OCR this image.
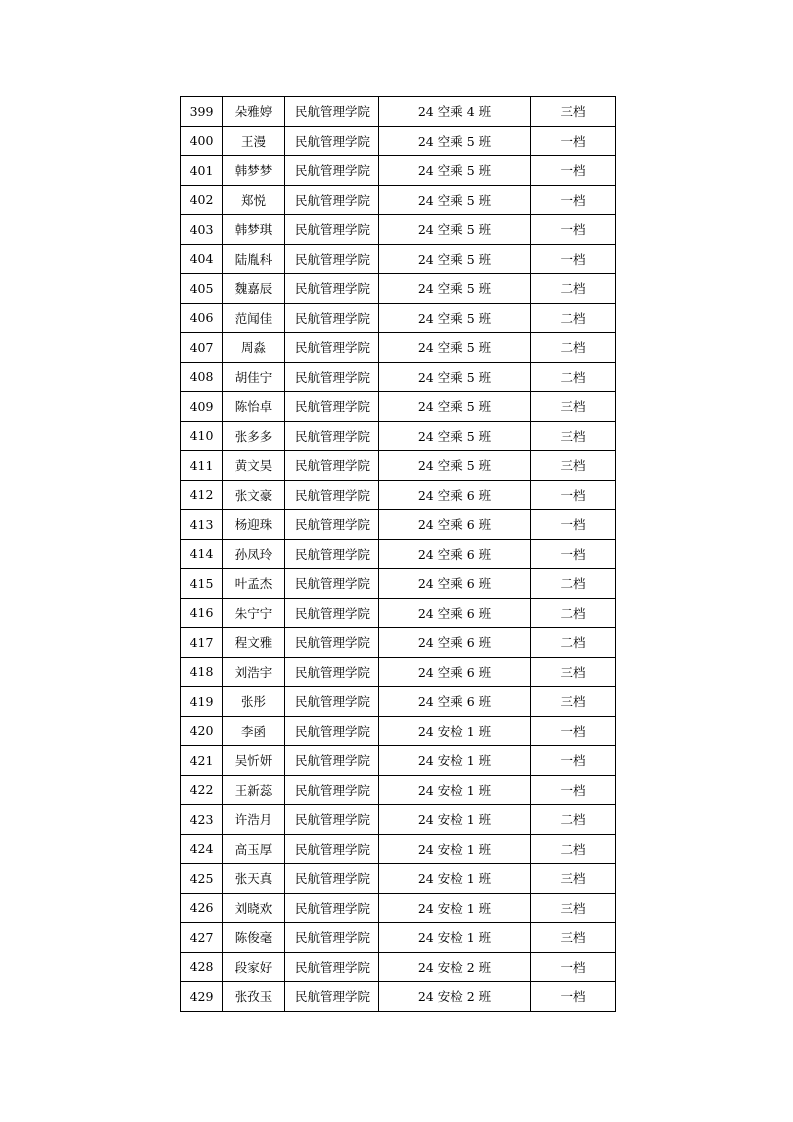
399	朵雅婷	民航管理学院	24 空乘 4 班	三档
400	王漫	民航管理学院	24 空乘 5 班	一档
401	韩梦梦	民航管理学院	24 空乘 5 班	一档
402	郑悦	民航管理学院	24 空乘 5 班	一档
403	韩梦琪	民航管理学院	24 空乘 5 班	一档
404	陆胤科	民航管理学院	24 空乘 5 班	一档
405	魏嘉辰	民航管理学院	24 空乘 5 班	二档
406	范闻佳	民航管理学院	24 空乘 5 班	二档
407	周淼	民航管理学院	24 空乘 5 班	二档
408	胡佳宁	民航管理学院	24 空乘 5 班	二档
409	陈怡卓	民航管理学院	24 空乘 5 班	三档
410	张多多	民航管理学院	24 空乘 5 班	三档
411	黄文昊	民航管理学院	24 空乘 5 班	三档
412	张文豪	民航管理学院	24 空乘 6 班	一档
413	杨迎珠	民航管理学院	24 空乘 6 班	一档
414	孙凤玲	民航管理学院	24 空乘 6 班	一档
415	叶孟杰	民航管理学院	24 空乘 6 班	二档
416	朱宁宁	民航管理学院	24 空乘 6 班	二档
417	程文雅	民航管理学院	24 空乘 6 班	二档
418	刘浩宇	民航管理学院	24 空乘 6 班	三档
419	张彤	民航管理学院	24 空乘 6 班	三档
420	李函	民航管理学院	24 安检 1 班	一档
421	吴忻妍	民航管理学院	24 安检 1 班	一档
422	王新蕊	民航管理学院	24 安检 1 班	一档
423	许浩月	民航管理学院	24 安检 1 班	二档
424	高玉厚	民航管理学院	24 安检 1 班	二档
425	张天真	民航管理学院	24 安检 1 班	三档
426	刘晓欢	民航管理学院	24 安检 1 班	三档
427	陈俊毫	民航管理学院	24 安检 1 班	三档
428	段家好	民航管理学院	24 安检 2 班	一档
429	张孜玉	民航管理学院	24 安检 2 班	一档
